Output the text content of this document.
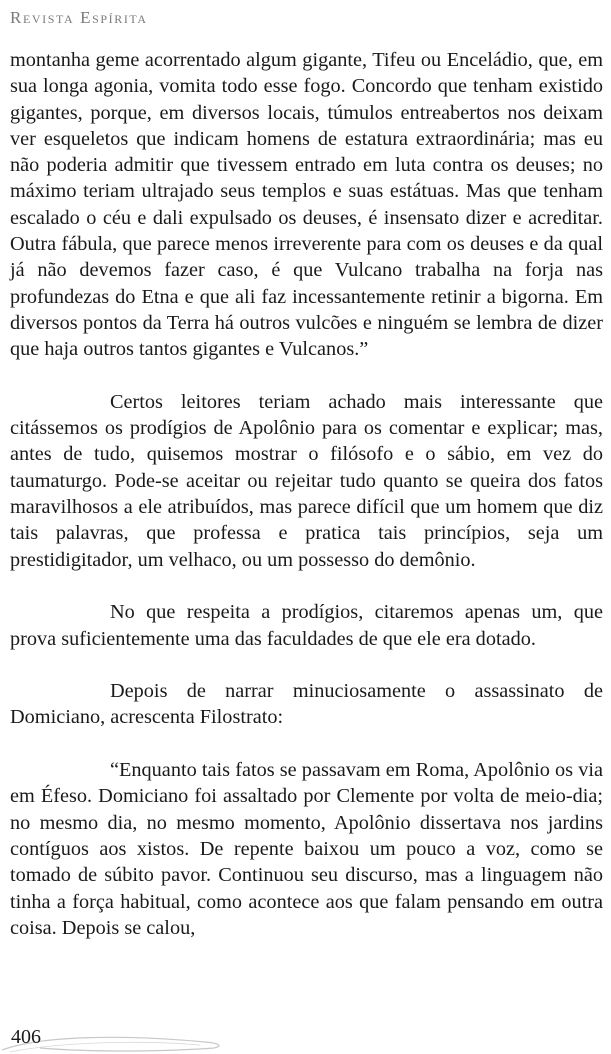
Revista Espírita

montanha geme acorrentado algum gigante, Tifeu ou Enceládio, que, em sua longa agonia, vomita todo esse fogo. Concordo que tenham existido gigantes, porque, em diversos locais, túmulos entreabertos nos deixam ver esqueletos que indicam homens de estatura extraordinária; mas eu não poderia admitir que tivessem entrado em luta contra os deuses; no máximo teriam ultrajado seus templos e suas estátuas. Mas que tenham escalado o céu e dali expulsado os deuses, é insensato dizer e acreditar. Outra fábula, que parece menos irreverente para com os deuses e da qual já não devemos fazer caso, é que Vulcano trabalha na forja nas profundezas do Etna e que ali faz incessantemente retinir a bigorna. Em diversos pontos da Terra há outros vulcões e ninguém se lembra de dizer que haja outros tantos gigantes e Vulcanos.”

Certos leitores teriam achado mais interessante que citássemos os prodígios de Apolônio para os comentar e explicar; mas, antes de tudo, quisemos mostrar o filósofo e o sábio, em vez do taumaturgo. Pode-se aceitar ou rejeitar tudo quanto se queira dos fatos maravilhosos a ele atribuídos, mas parece difícil que um homem que diz tais palavras, que professa e pratica tais princípios, seja um prestidigitador, um velhaco, ou um possesso do demônio.

No que respeita a prodígios, citaremos apenas um, que prova suficientemente uma das faculdades de que ele era dotado.

Depois de narrar minuciosamente o assassinato de Domiciano, acrescenta Filostrato:

“Enquanto tais fatos se passavam em Roma, Apolônio os via em Éfeso. Domiciano foi assaltado por Clemente por volta de meio-dia; no mesmo dia, no mesmo momento, Apolônio dissertava nos jardins contíguos aos xistos. De repente baixou um pouco a voz, como se tomado de súbito pavor. Continuou seu discurso, mas a linguagem não tinha a força habitual, como acontece aos que falam pensando em outra coisa. Depois se calou,

406
